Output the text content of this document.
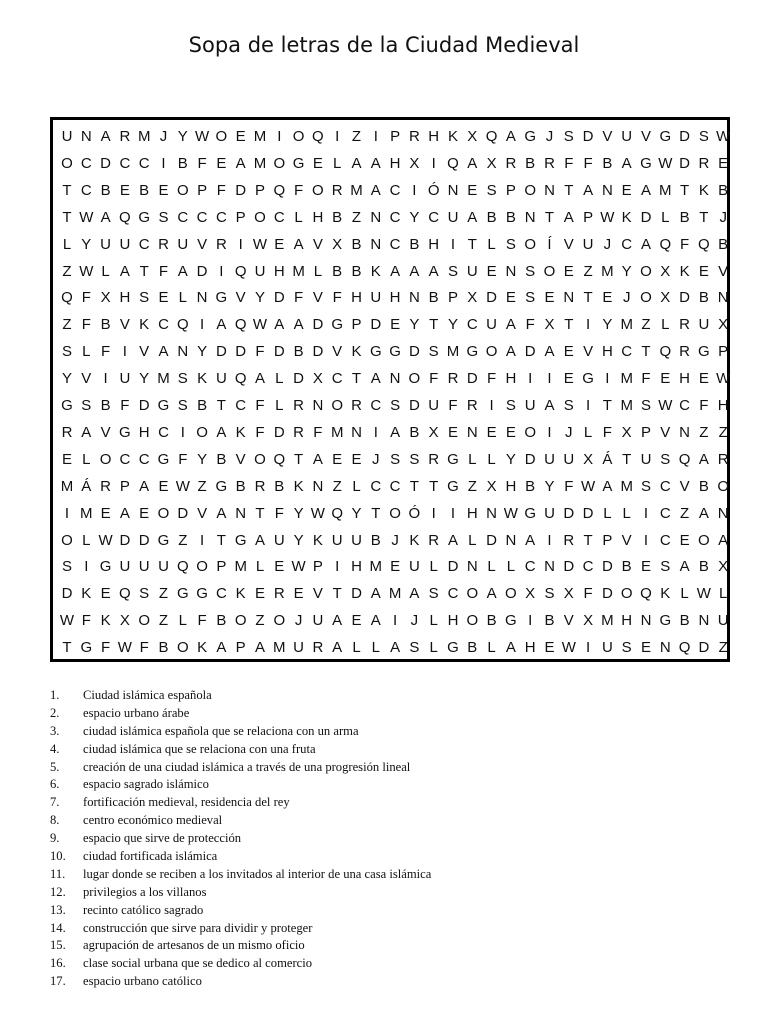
Sopa de letras de la Ciudad Medieval
U N A R M J Y W O E M I O Q I Z I P R H K X Q A G J S D V U V G D S W
O C D C C I B F E A M O G E L A A H X I Q A X R B R F F B A G W D R E
T C B E B E O P F D P Q F O R M A C I Ó N E S P O N T A N E A M T K B
T W A Q G S C C C P O C L H B Z N C Y C U A B B N T A P W K D L B T J
L Y U U C R U V R I W E A V X B N C B H I T L S O Í V U J C A Q F Q B
Z W L A T F A D I Q U H M L B B K A A A S U E N S O E Z M Y O X K E V
Q F X H S E L N G V Y D F V F H U H N B P X D E S E N T E J O X D B N
Z F B V K C Q I A Q W A A D G P D E Y T Y C U A F X T I Y M Z L R U X
S L F I V A N Y D D F D B D V K G G D S M G O A D A E V H C T Q R G P
Y V I U Y M S K U Q A L D X C T A N O F R D F H I	I E G I M F E H E W
G S B F D G S B T C F L R N O R C S D U F R I S U A S I T M S W C F H
R A V G H C I O A K F D R F M N I A B X E N E E O I J L F X P V N Z Z
E L O C C G F Y B V O Q T A E E J S S R G L L Y D U U X Á T U S Q A R
M Á R P A E W Z G B R B K N Z L C C T T G Z X H B Y F W A M S C V B O
I M E A E O D V A N T F Y W Q Y T O Ó I	I H N W G U D D L L I C Z A N
O L W D D G Z I T G A U Y K U U B J K R A L D N A I R T P V I C E O A
S I G U U U Q O P M L E W P I H M E U L D N L L C N D C D B E S A B X
D K E Q S Z G G C K E R E V T D A M A S C O A O X S X F D O Q K L W L
W F K X O Z L F B O Z O J U A E A I J L H O B G I B V X M H N G B N U
T G F W F B O K A P A M U R A L L A S L G B L A H E W I U S E N Q D Z
1. Ciudad islámica española
2. espacio urbano árabe
3. ciudad islámica española que se relaciona con un arma
4. ciudad islámica que se relaciona con una fruta
5. creación de una ciudad islámica a través de una progresión lineal
6. espacio sagrado islámico
7. fortificación medieval, residencia del rey
8. centro económico medieval
9. espacio que sirve de protección
10. ciudad fortificada islámica
11. lugar donde se reciben a los invitados al interior de una casa islámica
12. privilegios a los villanos
13. recinto católico sagrado
14. construcción que sirve para dividir y proteger
15. agrupación de artesanos de un mismo oficio
16. clase social urbana que se dedico al comercio
17. espacio urbano católico
